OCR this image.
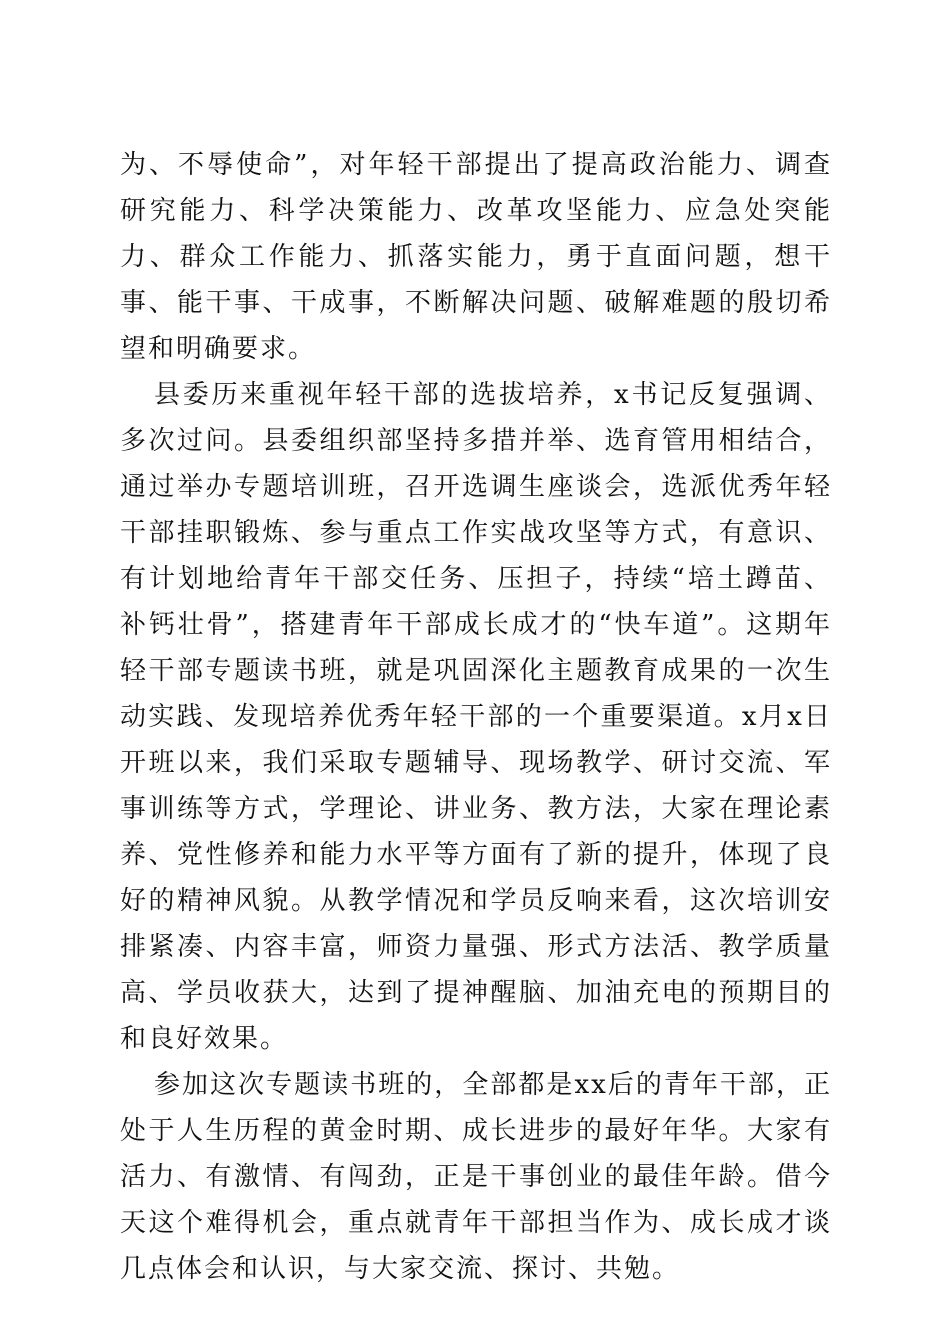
为、不辱使命”，对年轻干部提出了提高政治能力、调查研究能力、科学决策能力、改革攻坚能力、应急处突能力、群众工作能力、抓落实能力，勇于直面问题，想干事、能干事、干成事，不断解决问题、破解难题的殷切希望和明确要求。

县委历来重视年轻干部的选拔培养，x书记反复强调、多次过问。县委组织部坚持多措并举、选育管用相结合，通过举办专题培训班，召开选调生座谈会，选派优秀年轻干部挂职锻炼、参与重点工作实战攻坚等方式，有意识、有计划地给青年干部交任务、压担子，持续“培土蹲苗、补钙壮骨”，搭建青年干部成长成才的“快车道”。这期年轻干部专题读书班，就是巩固深化主题教育成果的一次生动实践、发现培养优秀年轻干部的一个重要渠道。x月x日开班以来，我们采取专题辅导、现场教学、研讨交流、军事训练等方式，学理论、讲业务、教方法，大家在理论素养、党性修养和能力水平等方面有了新的提升，体现了良好的精神风貌。从教学情况和学员反响来看，这次培训安排紧凑、内容丰富，师资力量强、形式方法活、教学质量高、学员收获大，达到了提神醒脑、加油充电的预期目的和良好效果。

参加这次专题读书班的，全部都是xx后的青年干部，正处于人生历程的黄金时期、成长进步的最好年华。大家有活力、有激情、有闯劲，正是干事创业的最佳年龄。借今天这个难得机会，重点就青年干部担当作为、成长成才谈几点体会和认识，与大家交流、探讨、共勉。
